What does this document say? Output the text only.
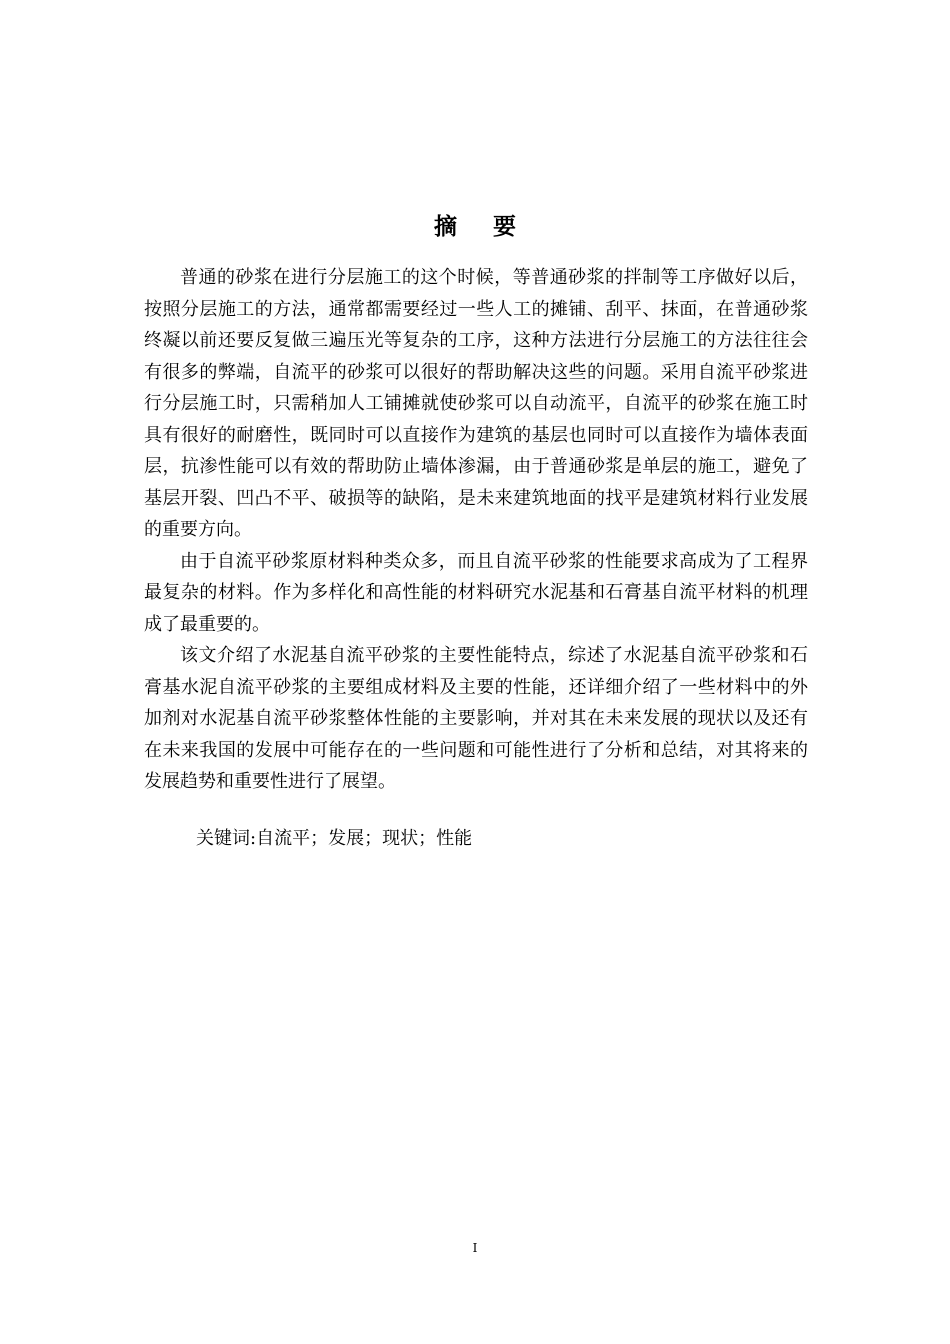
摘 要

普通的砂浆在进行分层施工的这个时候，等普通砂浆的拌制等工序做好以后，按照分层施工的方法，通常都需要经过一些人工的摊铺、刮平、抹面，在普通砂浆终凝以前还要反复做三遍压光等复杂的工序，这种方法进行分层施工的方法往往会有很多的弊端，自流平的砂浆可以很好的帮助解决这些的问题。采用自流平砂浆进行分层施工时，只需稍加人工铺摊就使砂浆可以自动流平，自流平的砂浆在施工时具有很好的耐磨性，既同时可以直接作为建筑的基层也同时可以直接作为墙体表面层，抗渗性能可以有效的帮助防止墙体渗漏，由于普通砂浆是单层的施工，避免了基层开裂、凹凸不平、破损等的缺陷，是未来建筑地面的找平是建筑材料行业发展的重要方向。

由于自流平砂浆原材料种类众多，而且自流平砂浆的性能要求高成为了工程界最复杂的材料。作为多样化和高性能的材料研究水泥基和石膏基自流平材料的机理成了最重要的。

该文介绍了水泥基自流平砂浆的主要性能特点，综述了水泥基自流平砂浆和石膏基水泥自流平砂浆的主要组成材料及主要的性能，还详细介绍了一些材料中的外加剂对水泥基自流平砂浆整体性能的主要影响，并对其在未来发展的现状以及还有在未来我国的发展中可能存在的一些问题和可能性进行了分析和总结，对其将来的发展趋势和重要性进行了展望。

关键词:自流平；发展；现状；性能
I
